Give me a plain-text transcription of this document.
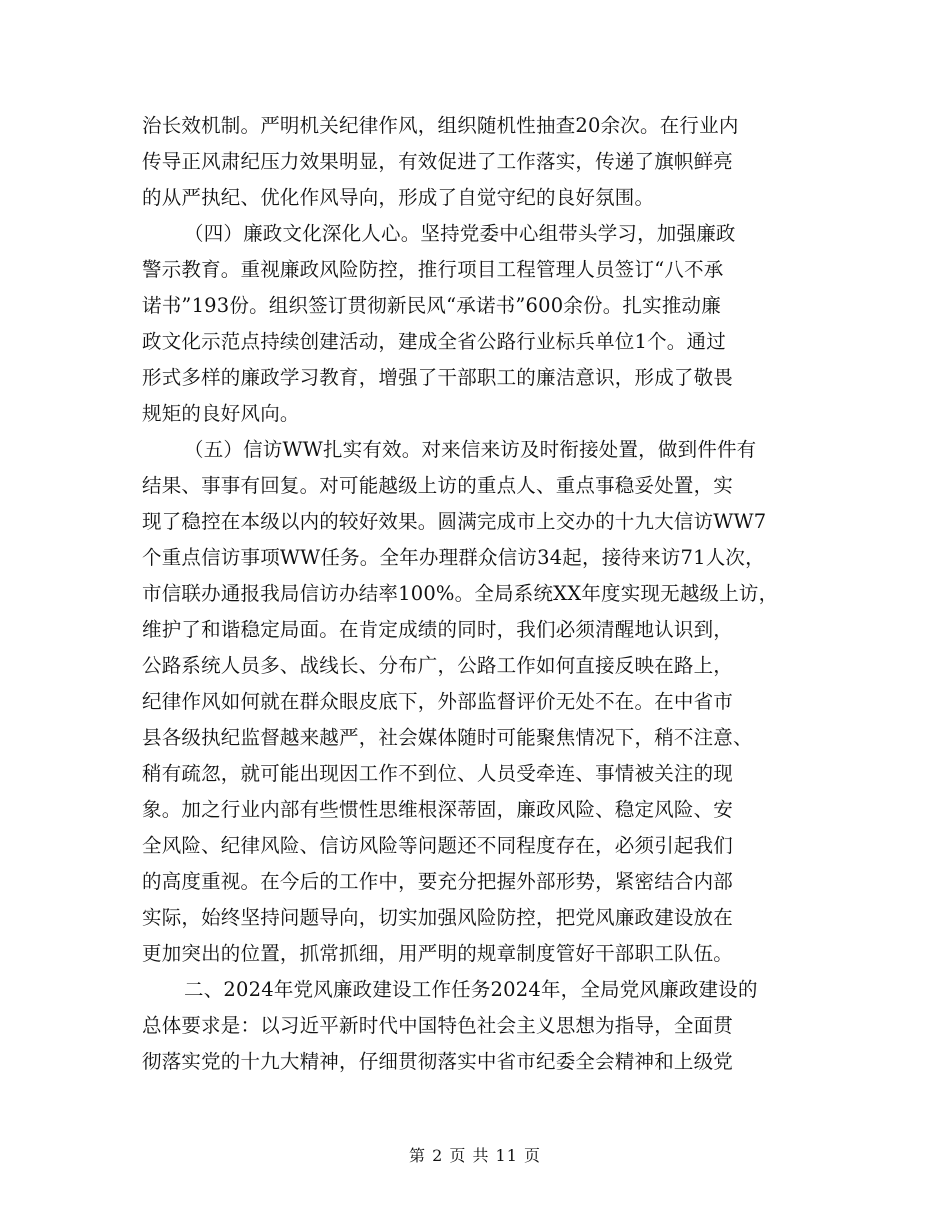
治长效机制。严明机关纪律作风，组织随机性抽查20余次。在行业内
传导正风肃纪压力效果明显，有效促进了工作落实，传递了旗帜鲜亮
的从严执纪、优化作风导向，形成了自觉守纪的良好氛围。
（四）廉政文化深化人心。坚持党委中心组带头学习，加强廉政
警示教育。重视廉政风险防控，推行项目工程管理人员签订“八不承
诺书”193份。组织签订贯彻新民风“承诺书”600余份。扎实推动廉
政文化示范点持续创建活动，建成全省公路行业标兵单位1个。通过
形式多样的廉政学习教育，增强了干部职工的廉洁意识，形成了敬畏
规矩的良好风向。
（五）信访WW扎实有效。对来信来访及时衔接处置，做到件件有
结果、事事有回复。对可能越级上访的重点人、重点事稳妥处置，实
现了稳控在本级以内的较好效果。圆满完成市上交办的十九大信访WW7
个重点信访事项WW任务。全年办理群众信访34起，接待来访71人次，
市信联办通报我局信访办结率100%。全局系统XX年度实现无越级上访，
维护了和谐稳定局面。在肯定成绩的同时，我们必须清醒地认识到，
公路系统人员多、战线长、分布广，公路工作如何直接反映在路上，
纪律作风如何就在群众眼皮底下，外部监督评价无处不在。在中省市
县各级执纪监督越来越严，社会媒体随时可能聚焦情况下，稍不注意、
稍有疏忽，就可能出现因工作不到位、人员受牵连、事情被关注的现
象。加之行业内部有些惯性思维根深蒂固，廉政风险、稳定风险、安
全风险、纪律风险、信访风险等问题还不同程度存在，必须引起我们
的高度重视。在今后的工作中，要充分把握外部形势，紧密结合内部
实际，始终坚持问题导向，切实加强风险防控，把党风廉政建设放在
更加突出的位置，抓常抓细，用严明的规章制度管好干部职工队伍。
二、2024年党风廉政建设工作任务2024年，全局党风廉政建设的
总体要求是：以习近平新时代中国特色社会主义思想为指导，全面贯
彻落实党的十九大精神，仔细贯彻落实中省市纪委全会精神和上级党
第 2 页 共 11 页
